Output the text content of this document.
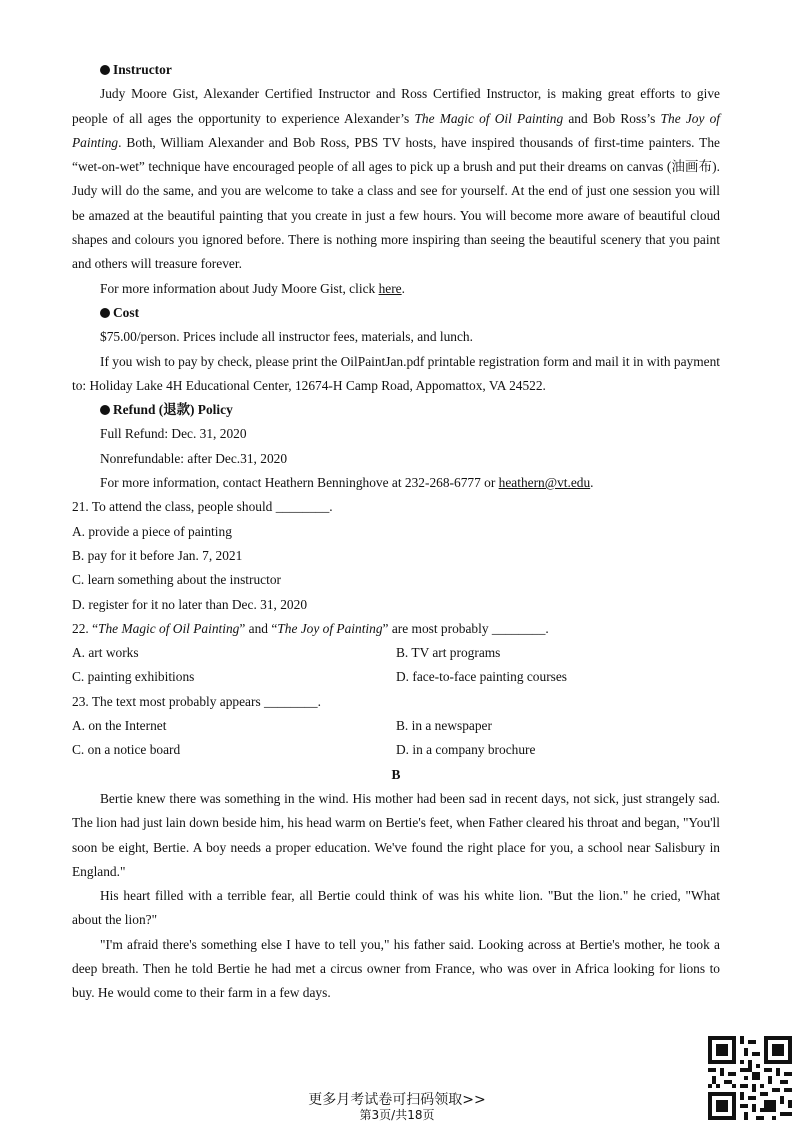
Instructor
Judy Moore Gist, Alexander Certified Instructor and Ross Certified Instructor, is making great efforts to give people of all ages the opportunity to experience Alexander’s The Magic of Oil Painting and Bob Ross’s The Joy of Painting. Both, William Alexander and Bob Ross, PBS TV hosts, have inspired thousands of first-time painters. The “wet-on-wet” technique have encouraged people of all ages to pick up a brush and put their dreams on canvas (油画布). Judy will do the same, and you are welcome to take a class and see for yourself. At the end of just one session you will be amazed at the beautiful painting that you create in just a few hours. You will become more aware of beautiful cloud shapes and colours you ignored before. There is nothing more inspiring than seeing the beautiful scenery that you paint and others will treasure forever.
For more information about Judy Moore Gist, click here.
Cost
$75.00/person. Prices include all instructor fees, materials, and lunch.
If you wish to pay by check, please print the OilPaintJan.pdf printable registration form and mail it in with payment to: Holiday Lake 4H Educational Center, 12674-H Camp Road, Appomattox, VA 24522.
Refund (退款) Policy
Full Refund: Dec. 31, 2020
Nonrefundable: after Dec.31, 2020
For more information, contact Heathern Benninghove at 232-268-6777 or heathern@vt.edu.
21. To attend the class, people should ________.
A. provide a piece of painting
B. pay for it before Jan. 7, 2021
C. learn something about the instructor
D. register for it no later than Dec. 31, 2020
22. “The Magic of Oil Painting” and “The Joy of Painting” are most probably ________.
A. art works	B. TV art programs
C. painting exhibitions	D. face-to-face painting courses
23. The text most probably appears ________.
A. on the Internet	B. in a newspaper
C. on a notice board	D. in a company brochure
B
Bertie knew there was something in the wind. His mother had been sad in recent days, not sick, just strangely sad. The lion had just lain down beside him, his head warm on Bertie's feet, when Father cleared his throat and began, "You'll soon be eight, Bertie. A boy needs a proper education. We've found the right place for you, a school near Salisbury in England."
His heart filled with a terrible fear, all Bertie could think of was his white lion. "But the lion." he cried, "What about the lion?"
"I'm afraid there's something else I have to tell you," his father said. Looking across at Bertie's mother, he took a deep breath. Then he told Bertie he had met a circus owner from France, who was over in Africa looking for lions to buy. He would come to their farm in a few days.
更多月考试卷可扫码领取>>
第3页/共18页
